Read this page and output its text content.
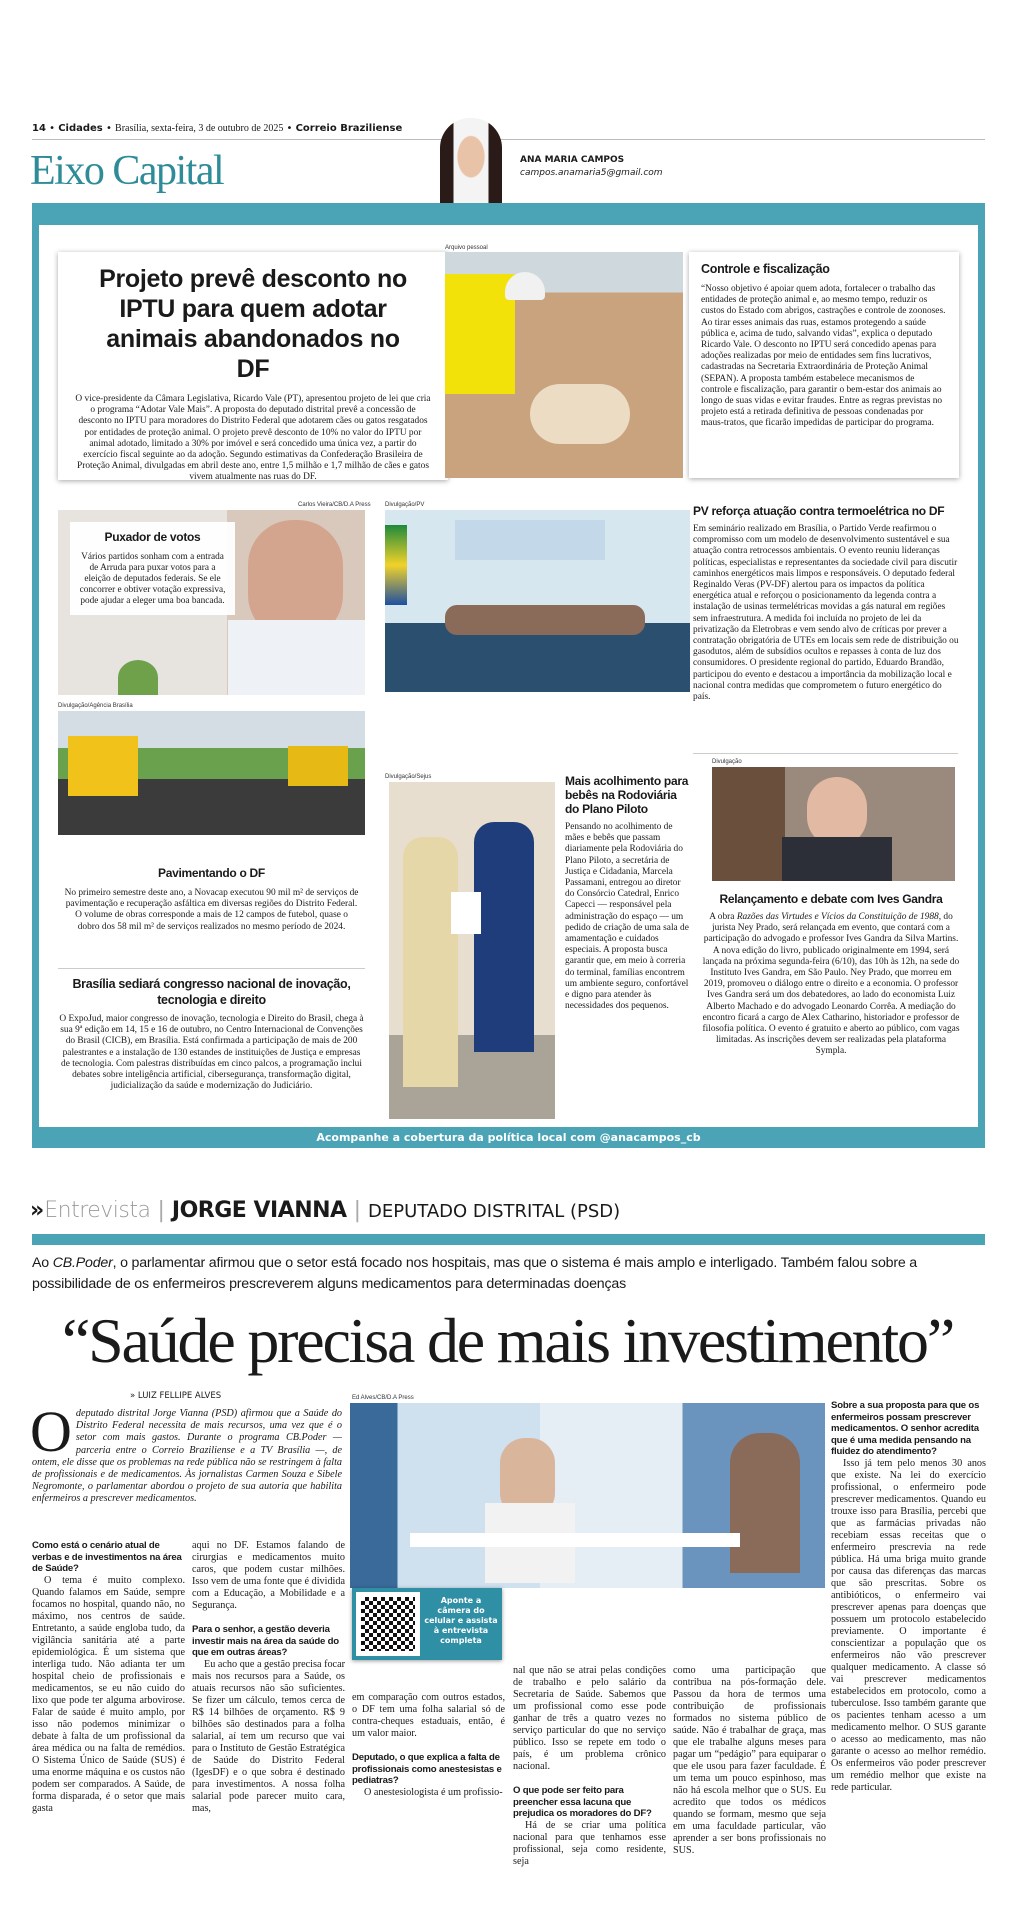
14 • Cidades • Brasília, sexta-feira, 3 de outubro de 2025 • Correio Braziliense
Eixo Capital	ANA MARIA CAMPOS
campos.anamaria5@gmail.com
Acompanhe a cobertura da política local com @anacampos_cb
Projeto prevê desconto no IPTU para quem adotar animais abandonados no DF
O vice-presidente da Câmara Legislativa, Ricardo Vale (PT), apresentou projeto de lei que cria o programa “Adotar Vale Mais”. A proposta do deputado distrital prevê a concessão de desconto no IPTU para moradores do Distrito Federal que adotarem cães ou gatos resgatados por entidades de proteção animal. O projeto prevê desconto de 10% no valor do IPTU por animal adotado, limitado a 30% por imóvel e será concedido uma única vez, a partir do exercício fiscal seguinte ao da adoção. Segundo estimativas da Confederação Brasileira de Proteção Animal, divulgadas em abril deste ano, entre 1,5 milhão e 1,7 milhão de cães e gatos vivem atualmente nas ruas do DF.
Arquivo pessoal
Controle e fiscalização
“Nosso objetivo é apoiar quem adota, fortalecer o trabalho das entidades de proteção animal e, ao mesmo tempo, reduzir os custos do Estado com abrigos, castrações e controle de zoonoses. Ao tirar esses animais das ruas, estamos protegendo a saúde pública e, acima de tudo, salvando vidas”, explica o deputado Ricardo Vale. O desconto no IPTU será concedido apenas para adoções realizadas por meio de entidades sem fins lucrativos, cadastradas na Secretaria Extraordinária de Proteção Animal (SEPAN). A proposta também estabelece mecanismos de controle e fiscalização, para garantir o bem-estar dos animais ao longo de suas vidas e evitar fraudes. Entre as regras previstas no projeto está a retirada definitiva de pessoas condenadas por maus-tratos, que ficarão impedidas de participar do programa.
Carlos Vieira/CB/D.A Press
Puxador de votos
Vários partidos sonham com a entrada de Arruda para puxar votos para a eleição de deputados federais. Se ele concorrer e obtiver votação expressiva, pode ajudar a eleger uma boa bancada.
Divulgação/Agência Brasília
Pavimentando o DF
No primeiro semestre deste ano, a Novacap executou 90 mil m² de serviços de pavimentação e recuperação asfáltica em diversas regiões do Distrito Federal. O volume de obras corresponde a mais de 12 campos de futebol, quase o dobro dos 58 mil m² de serviços realizados no mesmo período de 2024.
Brasília sediará congresso nacional de inovação, tecnologia e direito
O ExpoJud, maior congresso de inovação, tecnologia e Direito do Brasil, chega à sua 9ª edição em 14, 15 e 16 de outubro, no Centro Internacional de Convenções do Brasil (CICB), em Brasília. Está confirmada a participação de mais de 200 palestrantes e a instalação de 130 estandes de instituições de Justiça e empresas de tecnologia. Com palestras distribuídas em cinco palcos, a programação inclui debates sobre inteligência artificial, cibersegurança, transformação digital, judicialização da saúde e modernização do Judiciário.
Divulgação/PV	PV reforça atuação contra termoelétrica no DF
Em seminário realizado em Brasília, o Partido Verde reafirmou o compromisso com um modelo de desenvolvimento sustentável e sua atuação contra retrocessos ambientais. O evento reuniu lideranças políticas, especialistas e representantes da sociedade civil para discutir caminhos energéticos mais limpos e responsáveis. O deputado federal Reginaldo Veras (PV-DF) alertou para os impactos da política energética atual e reforçou o posicionamento da legenda contra a instalação de usinas termelétricas movidas a gás natural em regiões sem infraestrutura. A medida foi incluída no projeto de lei da privatização da Eletrobras e vem sendo alvo de críticas por prever a contratação obrigatória de UTEs em locais sem rede de distribuição ou gasodutos, além de subsídios ocultos e repasses à conta de luz dos consumidores. O presidente regional do partido, Eduardo Brandão, participou do evento e destacou a importância da mobilização local e nacional contra medidas que comprometem o futuro energético do país.
Divulgação/Sejus	Mais acolhimento para bebês na Rodoviária do Plano Piloto
Pensando no acolhimento de mães e bebês que passam diariamente pela Rodoviária do Plano Piloto, a secretária de Justiça e Cidadania, Marcela Passamani, entregou ao diretor do Consórcio Catedral, Enrico Capecci — responsável pela administração do espaço — um pedido de criação de uma sala de amamentação e cuidados especiais. A proposta busca garantir que, em meio à correria do terminal, famílias encontrem um ambiente seguro, confortável e digno para atender às necessidades dos pequenos.
Divulgação
Relançamento e debate com Ives Gandra
A obra Razões das Virtudes e Vícios da Constituição de 1988, do jurista Ney Prado, será relançada em evento, que contará com a participação do advogado e professor Ives Gandra da Silva Martins. A nova edição do livro, publicado originalmente em 1994, será lançada na próxima segunda-feira (6/10), das 10h às 12h, na sede do Instituto Ives Gandra, em São Paulo. Ney Prado, que morreu em 2019, promoveu o diálogo entre o direito e a economia. O professor Ives Gandra será um dos debatedores, ao lado do economista Luiz Alberto Machado e do advogado Leonardo Corrêa. A mediação do encontro ficará a cargo de Alex Catharino, historiador e professor de filosofia política. O evento é gratuito e aberto ao público, com vagas limitadas. As inscrições devem ser realizadas pela plataforma Sympla.
»Entrevista | JORGE VIANNA | DEPUTADO DISTRITAL (PSD)
Ao CB.Poder, o parlamentar afirmou que o setor está focado nos hospitais, mas que o sistema é mais amplo e interligado. Também falou sobre a possibilidade de os enfermeiros prescreverem alguns medicamentos para determinadas doenças
“Saúde precisa de mais investimento”
» LUIZ FELLIPE ALVES	Ed Alves/CB/D.A Press
Aponte a câmera do celular e assista à entrevista completa
Odeputado distrital Jorge Vianna (PSD) afirmou que a Saúde do Distrito Federal necessita de mais recursos, uma vez que é o setor com mais gastos. Durante o programa CB.Poder — parceria entre o Correio Braziliense e a TV Brasília —, de ontem, ele disse que os problemas na rede pública não se restringem à falta de profissionais e de medicamentos. Às jornalistas Carmen Souza e Sibele Negromonte, o parlamentar abordou o projeto de sua autoria que habilita enfermeiros a prescrever medicamentos.
Como está o cenário atual de verbas e de investimentos na área de Saúde?
O tema é muito complexo. Quando falamos em Saúde, sempre focamos no hospital, quando não, no máximo, nos centros de saúde. Entretanto, a saúde engloba tudo, da vigilância sanitária até a parte epidemiológica. É um sistema que interliga tudo. Não adianta ter um hospital cheio de profissionais e medicamentos, se eu não cuido do lixo que pode ter alguma arbovirose. Falar de saúde é muito amplo, por isso não podemos minimizar o debate à falta de um profissional da área médica ou na falta de remédios. O Sistema Único de Saúde (SUS) é uma enorme máquina e os custos não podem ser comparados. A Saúde, de forma disparada, é o setor que mais gasta
aqui no DF. Estamos falando de cirurgias e medicamentos muito caros, que podem custar milhões. Isso vem de uma fonte que é dividida com a Educação, a Mobilidade e a Segurança.
Para o senhor, a gestão deveria investir mais na área da saúde do que em outras áreas?
Eu acho que a gestão precisa focar mais nos recursos para a Saúde, os atuais recursos não são suficientes. Se fizer um cálculo, temos cerca de R$ 14 bilhões de orçamento. R$ 9 bilhões são destinados para a folha salarial, aí tem um recurso que vai para o Instituto de Gestão Estratégica de Saúde do Distrito Federal (IgesDF) e o que sobra é destinado para investimentos. A nossa folha salarial pode parecer muito cara, mas,
em comparação com outros estados, o DF tem uma folha salarial só de contra-cheques estaduais, então, é um valor maior.
Deputado, o que explica a falta de profissionais como anestesistas e pediatras?
O anestesiologista é um profissio-
nal que não se atrai pelas condições de trabalho e pelo salário da Secretaria de Saúde. Sabemos que um profissional como esse pode ganhar de três a quatro vezes no serviço particular do que no serviço público. Isso se repete em todo o país, é um problema crônico nacional.
O que pode ser feito para preencher essa lacuna que prejudica os moradores do DF?
Há de se criar uma política nacional para que tenhamos esse profissional, seja como residente, seja
como uma participação que contribua na pós-formação dele. Passou da hora de termos uma contribuição de profissionais formados no sistema público de saúde. Não é trabalhar de graça, mas que ele trabalhe alguns meses para pagar um “pedágio” para equiparar o que ele usou para fazer faculdade. É um tema um pouco espinhoso, mas não há escola melhor que o SUS. Eu acredito que todos os médicos quando se formam, mesmo que seja em uma faculdade particular, vão aprender a ser bons profissionais no SUS.
Sobre a sua proposta para que os enfermeiros possam prescrever medicamentos. O senhor acredita que é uma medida pensando na fluidez do atendimento?
Isso já tem pelo menos 30 anos que existe. Na lei do exercício profissional, o enfermeiro pode prescrever medicamentos. Quando eu trouxe isso para Brasília, percebi que que as farmácias privadas não recebiam essas receitas que o enfermeiro prescrevia na rede pública. Há uma briga muito grande por causa das diferenças das marcas que são prescritas. Sobre os antibióticos, o enfermeiro vai prescrever apenas para doenças que possuem um protocolo estabelecido previamente. O importante é conscientizar a população que os enfermeiros não vão prescrever qualquer medicamento. A classe só vai prescrever medicamentos estabelecidos em protocolo, como a tuberculose. Isso também garante que os pacientes tenham acesso a um medicamento melhor. O SUS garante o acesso ao medicamento, mas não garante o acesso ao melhor remédio. Os enfermeiros vão poder prescrever um remédio melhor que existe na rede particular.
